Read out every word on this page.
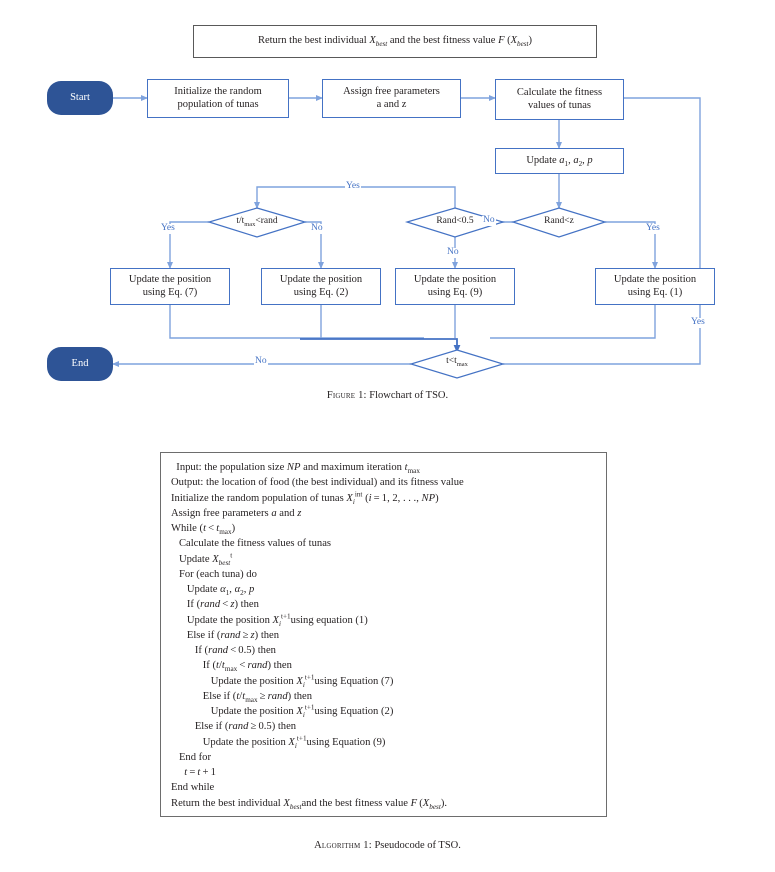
Return the best individual $X_{best}$ and the best fitness value F $(X_{best})$
Start
End
Initialize the random population of tunas
Assign free parameters
a and z
Calculate the fitness
values of tunas
Update $a_1$, $a_2$, p
$t/t_{max}<rand$	Rand<0.5	Rand<z
$t<t_{max}$
Update the position
using Eq. (7)
Update the position
using Eq. (2)
Update the position
using Eq. (9)
Update the position
using Eq. (1)
Yes
Yes	No
No
No
Yes
Yes
No
Figure 1: Flowchart of TSO.
Input: the population size NP and maximum iteration $t_{max}$
Output: the location of food (the best individual) and its fitness value
Initialize the random population of tunas $X_i^{int}$ (i = 1, 2, . . ., NP)
Assign free parameters a and z
While $(t < t_{max})$
Calculate the fitness values of tunas
Update $X_{best}^t$
For (each tuna) do
Update $\alpha_1$, $\alpha_2$, p
If (rand < z) then
Update the position $X_i^{t+1}using$ equation (1)
Else if (rand ≥ z) then
If (rand < 0.5) then
If ($t/t_{max}$ < rand) then
Update the position $X_i^{t+1}using$ Equation (7)
Else if ($t/t_{max}$ ≥ rand) then
Update the position $X_i^{t+1}using$ Equation (2)
Else if (rand ≥ 0.5) then
Update the position $X_i^{t+1}using$ Equation (9)
End for
t = t + 1
End while
Return the best individual $X_{best}and$ the best fitness value F $(X_{best})$.
Algorithm 1: Pseudocode of TSO.
